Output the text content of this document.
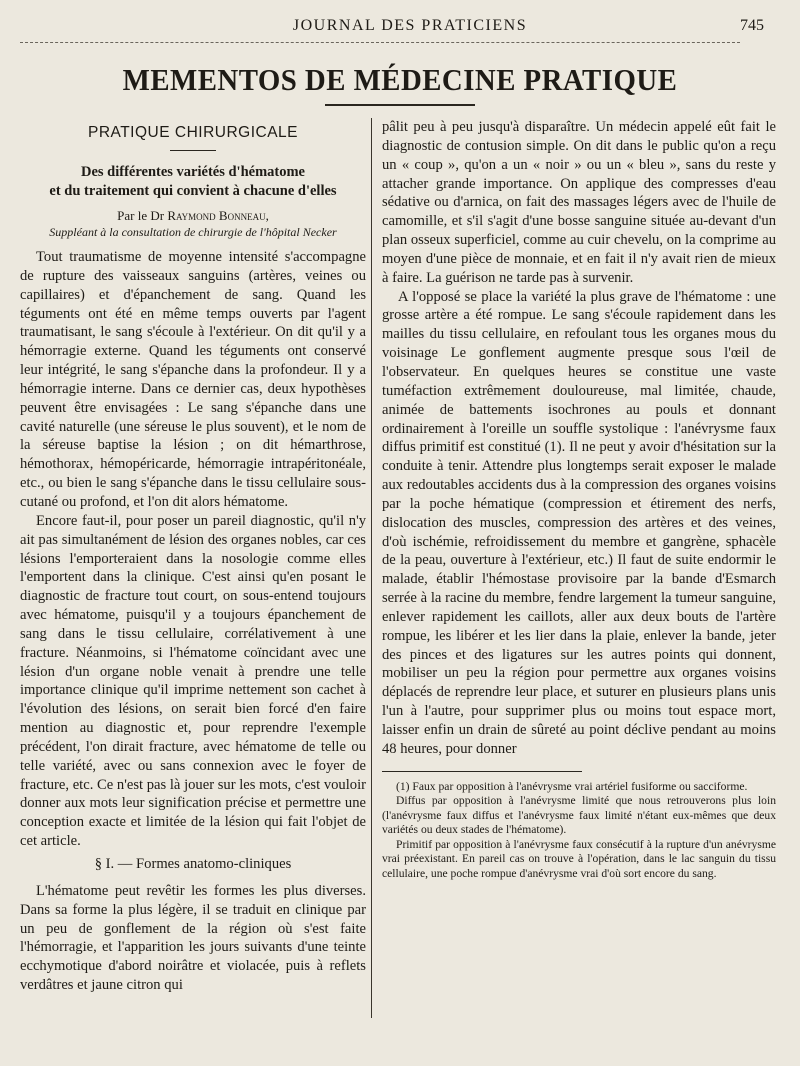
JOURNAL DES PRATICIENS	745
MEMENTOS DE MÉDECINE PRATIQUE
PRATIQUE CHIRURGICALE
Des différentes variétés d'hématome
et du traitement qui convient à chacune d'elles
Par le Dr Raymond Bonneau,
Suppléant à la consultation de chirurgie de l'hôpital Necker

Tout traumatisme de moyenne intensité s'accompagne de rupture des vaisseaux sanguins (artères, veines ou capillaires) et d'épanchement de sang. Quand les téguments ont été en même temps ouverts par l'agent traumatisant, le sang s'écoule à l'extérieur. On dit qu'il y a hémorragie externe. Quand les téguments ont conservé leur intégrité, le sang s'épanche dans la profondeur. Il y a hémorragie interne. Dans ce dernier cas, deux hypothèses peuvent être envisagées : Le sang s'épanche dans une cavité naturelle (une séreuse le plus souvent), et le nom de la séreuse baptise la lésion ; on dit hémarthrose, hémothorax, hémopéricarde, hémorragie intrapéritonéale, etc., ou bien le sang s'épanche dans le tissu cellulaire sous-cutané ou profond, et l'on dit alors hématome.

Encore faut-il, pour poser un pareil diagnostic, qu'il n'y ait pas simultanément de lésion des organes nobles, car ces lésions l'emporteraient dans la nosologie comme elles l'emportent dans la clinique. C'est ainsi qu'en posant le diagnostic de fracture tout court, on sous-entend toujours avec hématome, puisqu'il y a toujours épanchement de sang dans le tissu cellulaire, corrélativement à une fracture. Néanmoins, si l'hématome coïncidant avec une lésion d'un organe noble venait à prendre une telle importance clinique qu'il imprime nettement son cachet à l'évolution des lésions, on serait bien forcé d'en faire mention au diagnostic et, pour reprendre l'exemple précédent, l'on dirait fracture, avec hématome de telle ou telle variété, avec ou sans connexion avec le foyer de fracture, etc. Ce n'est pas là jouer sur les mots, c'est vouloir donner aux mots leur signification précise et permettre une conception exacte et limitée de la lésion qui fait l'objet de cet article.

§ I. — Formes anatomo-cliniques

L'hématome peut revêtir les formes les plus diverses. Dans sa forme la plus légère, il se traduit en clinique par un peu de gonflement de la région où s'est faite l'hémorragie, et l'apparition les jours suivants d'une teinte ecchymotique d'abord noirâtre et violacée, puis à reflets verdâtres et jaune citron qui

pâlit peu à peu jusqu'à disparaître. Un médecin appelé eût fait le diagnostic de contusion simple. On dit dans le public qu'on a reçu un « coup », qu'on a un « noir » ou un « bleu », sans du reste y attacher grande importance. On applique des compresses d'eau sédative ou d'arnica, on fait des massages légers avec de l'huile de camomille, et s'il s'agit d'une bosse sanguine située au-devant d'un plan osseux superficiel, comme au cuir chevelu, on la comprime au moyen d'une pièce de monnaie, et en fait il n'y avait rien de mieux à faire. La guérison ne tarde pas à survenir.

A l'opposé se place la variété la plus grave de l'hématome : une grosse artère a été rompue. Le sang s'écoule rapidement dans les mailles du tissu cellulaire, en refoulant tous les organes mous du voisinage Le gonflement augmente presque sous l'œil de l'observateur. En quelques heures se constitue une vaste tuméfaction extrêmement douloureuse, mal limitée, chaude, animée de battements isochrones au pouls et donnant ordinairement à l'oreille un souffle systolique : l'anévrysme faux diffus primitif est constitué (1). Il ne peut y avoir d'hésitation sur la conduite à tenir. Attendre plus longtemps serait exposer le malade aux redoutables accidents dus à la compression des organes voisins par la poche hématique (compression et étirement des nerfs, dislocation des muscles, compression des artères et des veines, d'où ischémie, refroidissement du membre et gangrène, sphacèle de la peau, ouverture à l'extérieur, etc.) Il faut de suite endormir le malade, établir l'hémostase provisoire par la bande d'Esmarch serrée à la racine du membre, fendre largement la tumeur sanguine, enlever rapidement les caillots, aller aux deux bouts de l'artère rompue, les libérer et les lier dans la plaie, enlever la bande, jeter des pinces et des ligatures sur les autres points qui donnent, mobiliser un peu la région pour permettre aux organes voisins déplacés de reprendre leur place, et suturer en plusieurs plans unis l'un à l'autre, pour supprimer plus ou moins tout espace mort, laisser enfin un drain de sûreté au point déclive pendant au moins 48 heures, pour donner

(1) Faux par opposition à l'anévrysme vrai artériel fusiforme ou sacciforme.

Diffus par opposition à l'anévrysme limité que nous retrouverons plus loin (l'anévrysme faux diffus et l'anévrysme faux limité n'étant eux-mêmes que deux variétés ou deux stades de l'hématome).

Primitif par opposition à l'anévrysme faux consécutif à la rupture d'un anévrysme vrai préexistant. En pareil cas on trouve à l'opération, dans le lac sanguin du tissu cellulaire, une poche rompue d'anévrysme vrai d'où sort encore du sang.
